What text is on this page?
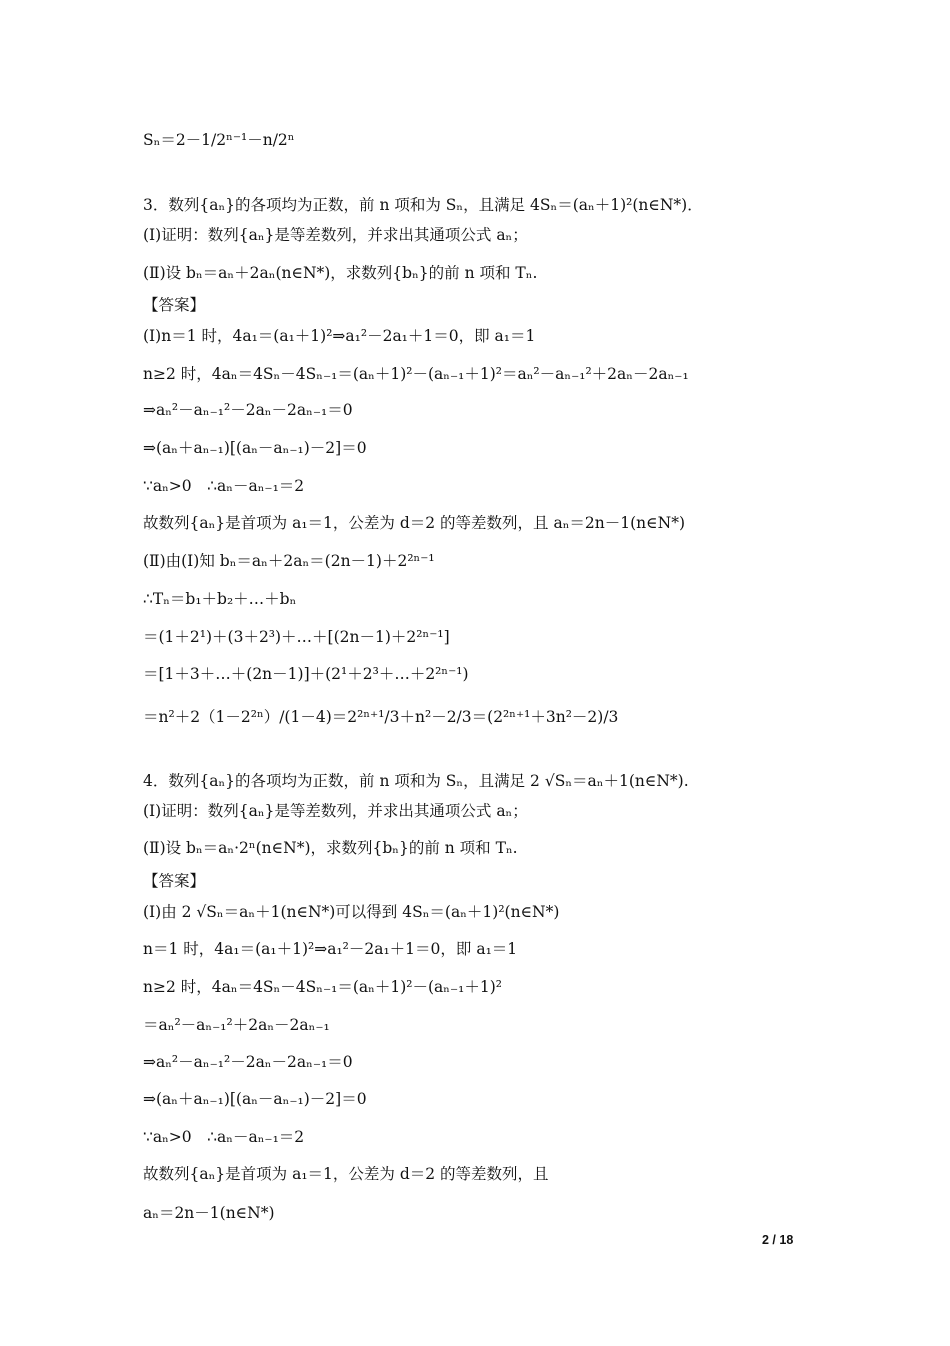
Sₙ＝2－1/2ⁿ⁻¹－n/2ⁿ
3．数列{aₙ}的各项均为正数，前 n 项和为 Sₙ，且满足 4Sₙ＝(aₙ＋1)²(n∈N*)．
(Ⅰ)证明：数列{aₙ}是等差数列，并求出其通项公式 aₙ；
(Ⅱ)设 bₙ＝aₙ＋2aₙ(n∈N*)，求数列{bₙ}的前 n 项和 Tₙ.
【答案】
(Ⅰ)n＝1 时，4a₁＝(a₁＋1)²⇒a₁²－2a₁＋1＝0，即 a₁＝1
n≥2 时，4aₙ＝4Sₙ－4Sₙ₋₁＝(aₙ＋1)²－(aₙ₋₁＋1)²＝aₙ²－aₙ₋₁²＋2aₙ－2aₙ₋₁
⇒aₙ²－aₙ₋₁²－2aₙ－2aₙ₋₁＝0
⇒(aₙ＋aₙ₋₁)[(aₙ－aₙ₋₁)－2]＝0
∵aₙ>0　∴aₙ－aₙ₋₁＝2
故数列{aₙ}是首项为 a₁＝1，公差为 d＝2 的等差数列，且 aₙ＝2n－1(n∈N*)
(Ⅱ)由(Ⅰ)知 bₙ＝aₙ＋2aₙ＝(2n－1)＋2²ⁿ⁻¹
∴Tₙ＝b₁＋b₂＋…＋bₙ
＝(1＋2¹)＋(3＋2³)＋…＋[(2n－1)＋2²ⁿ⁻¹]
＝[1＋3＋…＋(2n－1)]＋(2¹＋2³＋…＋2²ⁿ⁻¹)
＝n²＋2（1－2²ⁿ）/(1－4)＝2²ⁿ⁺¹/3＋n²－2/3＝(2²ⁿ⁺¹＋3n²－2)/3
4．数列{aₙ}的各项均为正数，前 n 项和为 Sₙ，且满足 2 √Sₙ＝aₙ＋1(n∈N*).
(Ⅰ)证明：数列{aₙ}是等差数列，并求出其通项公式 aₙ；
(Ⅱ)设 bₙ＝aₙ·2ⁿ(n∈N*)，求数列{bₙ}的前 n 项和 Tₙ.
【答案】
(Ⅰ)由 2 √Sₙ＝aₙ＋1(n∈N*)可以得到 4Sₙ＝(aₙ＋1)²(n∈N*)
n＝1 时，4a₁＝(a₁＋1)²⇒a₁²－2a₁＋1＝0，即 a₁＝1
n≥2 时，4aₙ＝4Sₙ－4Sₙ₋₁＝(aₙ＋1)²－(aₙ₋₁＋1)²
＝aₙ²－aₙ₋₁²＋2aₙ－2aₙ₋₁
⇒aₙ²－aₙ₋₁²－2aₙ－2aₙ₋₁＝0
⇒(aₙ＋aₙ₋₁)[(aₙ－aₙ₋₁)－2]＝0
∵aₙ>0　∴aₙ－aₙ₋₁＝2
故数列{aₙ}是首项为 a₁＝1，公差为 d＝2 的等差数列，且
aₙ＝2n－1(n∈N*)
2 / 18
